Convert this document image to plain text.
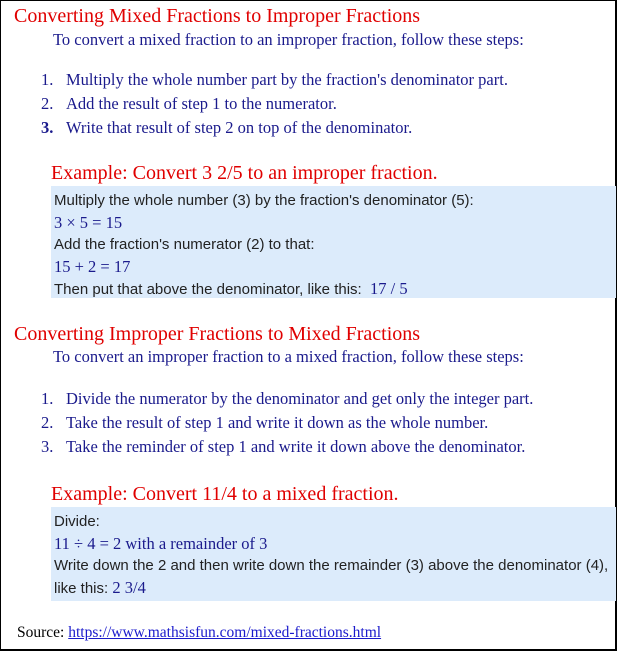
Converting Mixed Fractions to Improper Fractions

To convert a mixed fraction to an improper fraction, follow these steps:

1. Multiply the whole number part by the fraction's denominator part.
2. Add the result of step 1 to the numerator.
3. Write that result of step 2 on top of the denominator.
Example: Convert 3 2/5 to an improper fraction.

Multiply the whole number (3) by the fraction's denominator (5):

3 × 5 = 15

Add the fraction's numerator (2) to that:

15 + 2 = 17

Then put that above the denominator, like this: 17 / 5

Converting Improper Fractions to Mixed Fractions

To convert an improper fraction to a mixed fraction, follow these steps:

1. Divide the numerator by the denominator and get only the integer part.
2. Take the result of step 1 and write it down as the whole number.
3. Take the reminder of step 1 and write it down above the denominator.
Example: Convert 11/4 to a mixed fraction.

Divide:

11 ÷ 4 = 2 with a remainder of 3

Write down the 2 and then write down the remainder (3) above the denominator (4), like this: 2 3/4

Source: https://www.mathsisfun.com/mixed-fractions.html
